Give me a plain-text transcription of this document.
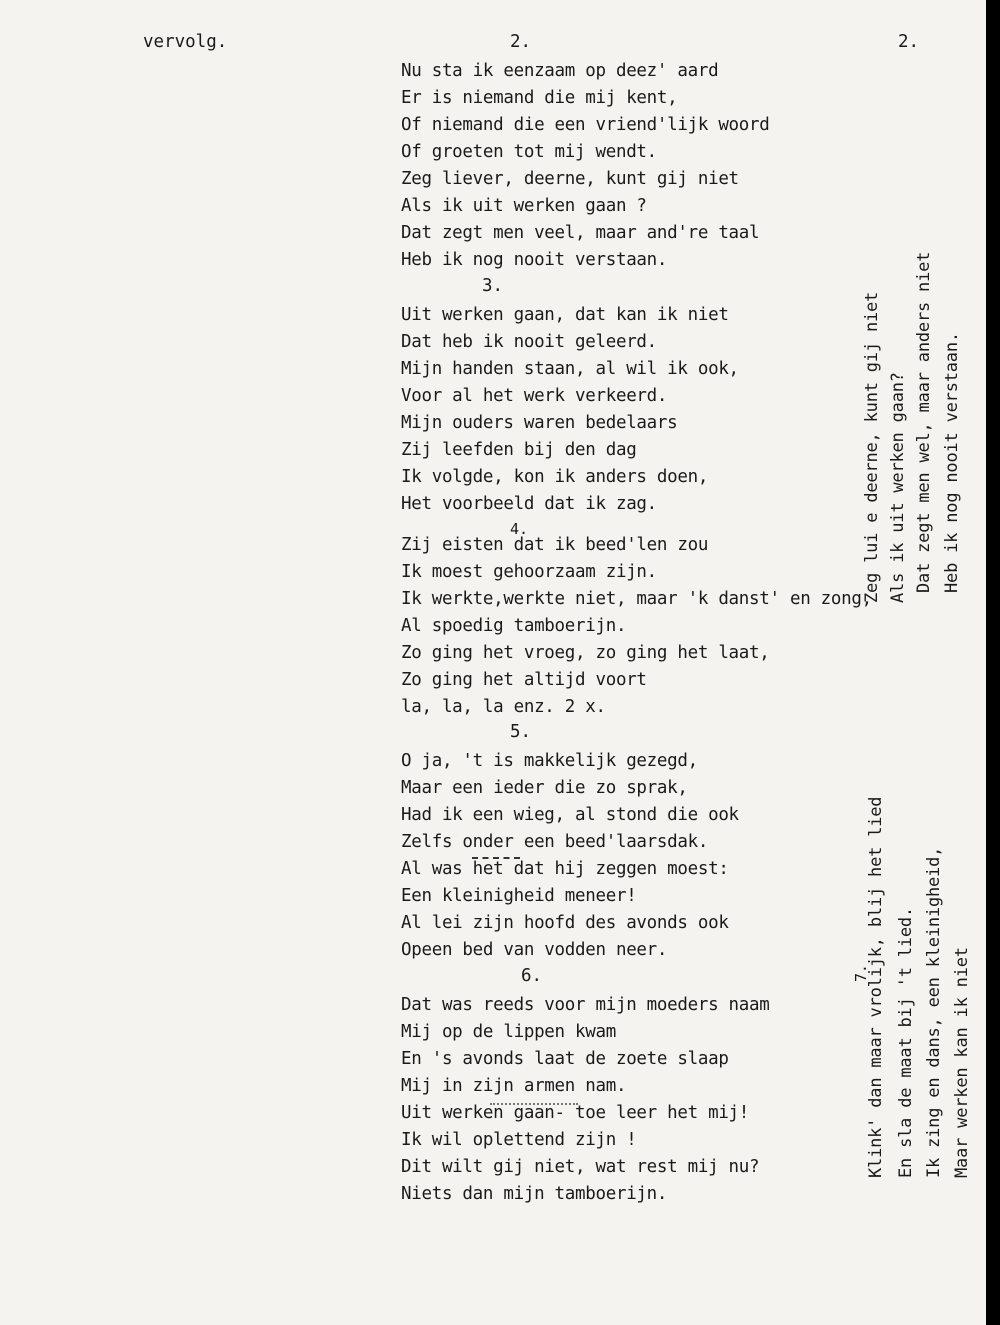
vervolg.	2.	2.
Nu sta ik eenzaam op deez' aard
Er is niemand die mij kent,
Of niemand die een vriend'lijk woord
Of groeten tot mij wendt.
Zeg liever, deerne, kunt gij niet
Als ik uit werken gaan ?
Dat zegt men veel, maar and're taal
Heb ik nog nooit verstaan.
3.
Uit werken gaan, dat kan ik niet
Dat heb ik nooit geleerd.
Mijn handen staan, al wil ik ook,
Voor al het werk verkeerd.
Mijn ouders waren bedelaars
Zij leefden bij den dag
Ik volgde, kon ik anders doen,
Het voorbeeld dat ik zag.
4.
Zij eisten dat ik beed'len zou
Ik moest gehoorzaam zijn.
Ik werkte,werkte niet, maar 'k danst' en zong,
Al spoedig tamboerijn.
Zo ging het vroeg, zo ging het laat,
Zo ging het altijd voort
la, la, la enz. 2 x.
5.
O ja, 't is makkelijk gezegd,
Maar een ieder die zo sprak,
Had ik een wieg, al stond die ook
Zelfs onder een beed'laarsdak.
Al was het dat hij zeggen moest:
Een kleinigheid meneer!
Al lei zijn hoofd des avonds ook
Opeen bed van vodden neer.
6.
Dat was reeds voor mijn moeders naam
Mij op de lippen kwam
En 's avonds laat de zoete slaap
Mij in zijn armen nam.
Uit werken gaan- toe leer het mij!
Ik wil oplettend zijn !
Dit wilt gij niet, wat rest mij nu?
Niets dan mijn tamboerijn.
Zeg lui e deerne, kunt gij niet Als ik uit werken gaan? Dat zegt men wel, maar anders niet Heb ik nog nooit verstaan.
7.
Klink' dan maar vrolijk, blij het lied En sla de maat bij 't lied. Ik zing en dans, een kleinigheid, Maar werken kan ik niet
